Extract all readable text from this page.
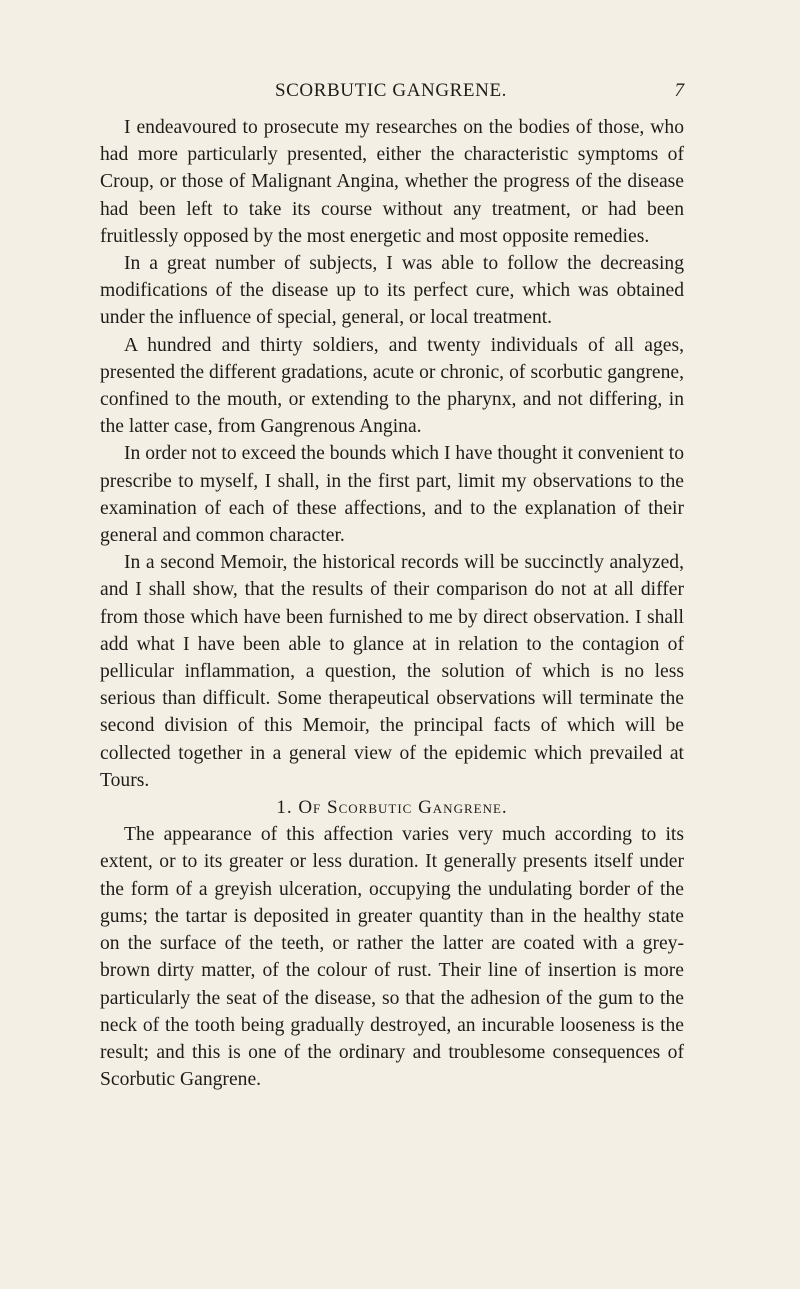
SCORBUTIC GANGRENE.	7

I endeavoured to prosecute my researches on the bodies of those, who had more particularly presented, either the characteristic symptoms of Croup, or those of Malignant Angina, whether the progress of the disease had been left to take its course without any treatment, or had been fruitlessly opposed by the most energetic and most opposite remedies.

In a great number of subjects, I was able to follow the decreasing modifications of the disease up to its perfect cure, which was obtained under the influence of special, general, or local treatment.

A hundred and thirty soldiers, and twenty individuals of all ages, presented the different gradations, acute or chronic, of scorbutic gangrene, confined to the mouth, or extending to the pharynx, and not differing, in the latter case, from Gangrenous Angina.

In order not to exceed the bounds which I have thought it convenient to prescribe to myself, I shall, in the first part, limit my observations to the examination of each of these affections, and to the explanation of their general and common character.

In a second Memoir, the historical records will be succinctly analyzed, and I shall show, that the results of their comparison do not at all differ from those which have been furnished to me by direct observation. I shall add what I have been able to glance at in relation to the contagion of pellicular inflammation, a question, the solution of which is no less serious than difficult. Some therapeutical observations will terminate the second division of this Memoir, the principal facts of which will be collected together in a general view of the epidemic which prevailed at Tours.

1. Of Scorbutic Gangrene.

The appearance of this affection varies very much according to its extent, or to its greater or less duration. It generally presents itself under the form of a greyish ulceration, occupying the undulating border of the gums; the tartar is deposited in greater quantity than in the healthy state on the surface of the teeth, or rather the latter are coated with a grey-brown dirty matter, of the colour of rust. Their line of insertion is more particularly the seat of the disease, so that the adhesion of the gum to the neck of the tooth being gradually destroyed, an incurable looseness is the result; and this is one of the ordinary and troublesome consequences of Scorbutic Gangrene.
